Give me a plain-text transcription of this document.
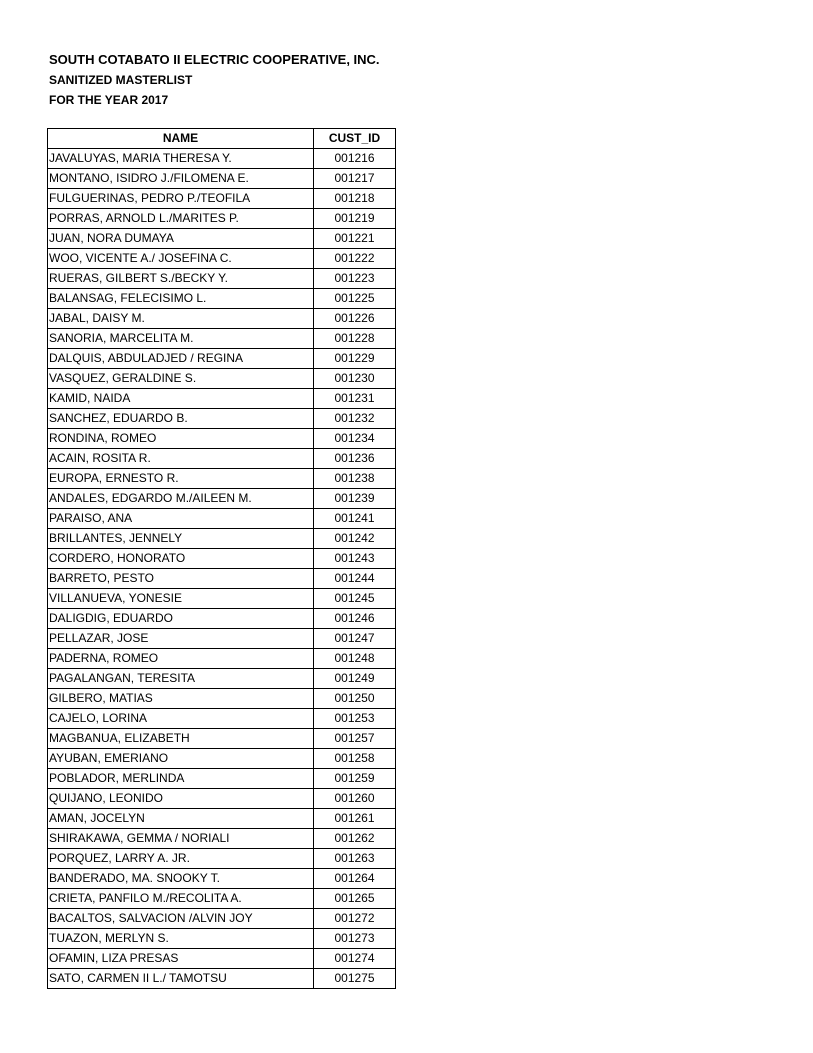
SOUTH COTABATO II ELECTRIC COOPERATIVE, INC.
SANITIZED MASTERLIST
FOR THE YEAR 2017
NAME	CUST_ID
JAVALUYAS, MARIA THERESA Y.	001216
MONTANO, ISIDRO J./FILOMENA E.	001217
FULGUERINAS, PEDRO P./TEOFILA	001218
PORRAS, ARNOLD L./MARITES P.	001219
JUAN, NORA DUMAYA	001221
WOO, VICENTE A./ JOSEFINA C.	001222
RUERAS, GILBERT S./BECKY Y.	001223
BALANSAG, FELECISIMO L.	001225
JABAL, DAISY M.	001226
SANORIA, MARCELITA M.	001228
DALQUIS, ABDULADJED / REGINA	001229
VASQUEZ, GERALDINE S.	001230
KAMID, NAIDA	001231
SANCHEZ, EDUARDO B.	001232
RONDINA, ROMEO	001234
ACAIN, ROSITA R.	001236
EUROPA, ERNESTO R.	001238
ANDALES, EDGARDO M./AILEEN M.	001239
PARAISO, ANA	001241
BRILLANTES, JENNELY	001242
CORDERO, HONORATO	001243
BARRETO, PESTO	001244
VILLANUEVA, YONESIE	001245
DALIGDIG, EDUARDO	001246
PELLAZAR, JOSE	001247
PADERNA, ROMEO	001248
PAGALANGAN, TERESITA	001249
GILBERO, MATIAS	001250
CAJELO, LORINA	001253
MAGBANUA, ELIZABETH	001257
AYUBAN, EMERIANO	001258
POBLADOR, MERLINDA	001259
QUIJANO, LEONIDO	001260
AMAN, JOCELYN	001261
SHIRAKAWA, GEMMA / NORIALI	001262
PORQUEZ, LARRY A. JR.	001263
BANDERADO, MA. SNOOKY T.	001264
CRIETA, PANFILO M./RECOLITA A.	001265
BACALTOS, SALVACION /ALVIN JOY	001272
TUAZON, MERLYN S.	001273
OFAMIN, LIZA PRESAS	001274
SATO, CARMEN II L./ TAMOTSU	001275
